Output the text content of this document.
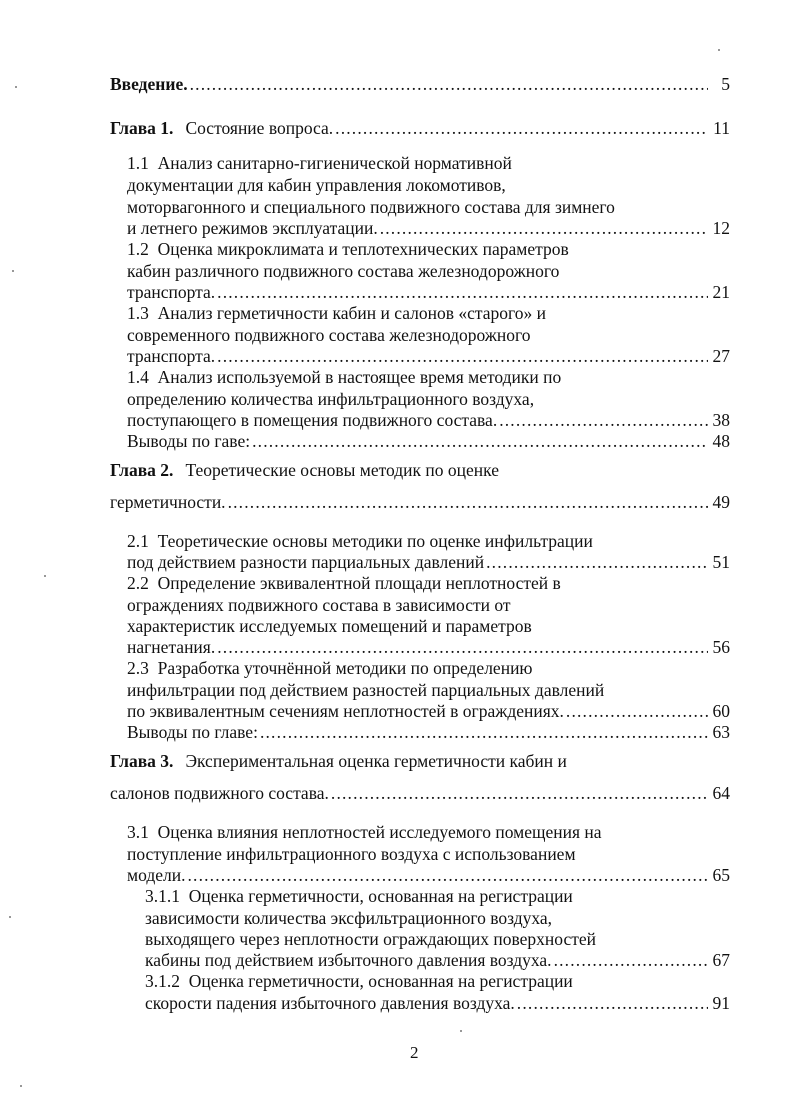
Введение. . . .	5
Глава 1. Состояние вопроса. . . .	11
1.1
Анализ санитарно-гигиенической нормативной
документации для кабин управления локомотивов,
моторвагонного и специального подвижного состава для зимнего
и летнего режимов эксплуатации. . . .	12
1.2
Оценка микроклимата и теплотехнических параметров
кабин различного подвижного состава железнодорожного
транспорта. . . .	21
1.3
Анализ герметичности кабин и салонов «старого» и
современного подвижного состава железнодорожного
транспорта. . . .	27
1.4
Анализ используемой в настоящее время методики по
определению количества инфильтрационного воздуха,
поступающего в помещения подвижного состава. . . .	38
Выводы по гаве: . . .	48
Глава 2. Теоретические основы методик по оценке
герметичности. . . .	49
2.1
Теоретические основы методики по оценке инфильтрации
под действием разности парциальных давлений . . .	51
2.2
Определение эквивалентной площади неплотностей в
ограждениях подвижного состава в зависимости от
характеристик исследуемых помещений и параметров
нагнетания. . . .	56
2.3
Разработка уточнённой методики по определению
инфильтрации под действием разностей парциальных давлений
по эквивалентным сечениям неплотностей в ограждениях. . . .	60
Выводы по главе: . . .	63
Глава 3. Экспериментальная оценка герметичности кабин и
салонов подвижного состава. . . .	64
3.1
Оценка влияния неплотностей исследуемого помещения на
поступление инфильтрационного воздуха с использованием
модели. . . .	65
3.1.1
Оценка герметичности, основанная на регистрации
зависимости количества эксфильтрационного воздуха,
выходящего через неплотности ограждающих поверхностей
кабины под действием избыточного давления воздуха. . . .	67
3.1.2
Оценка герметичности, основанная на регистрации
скорости падения избыточного давления воздуха. . . .	91
2
